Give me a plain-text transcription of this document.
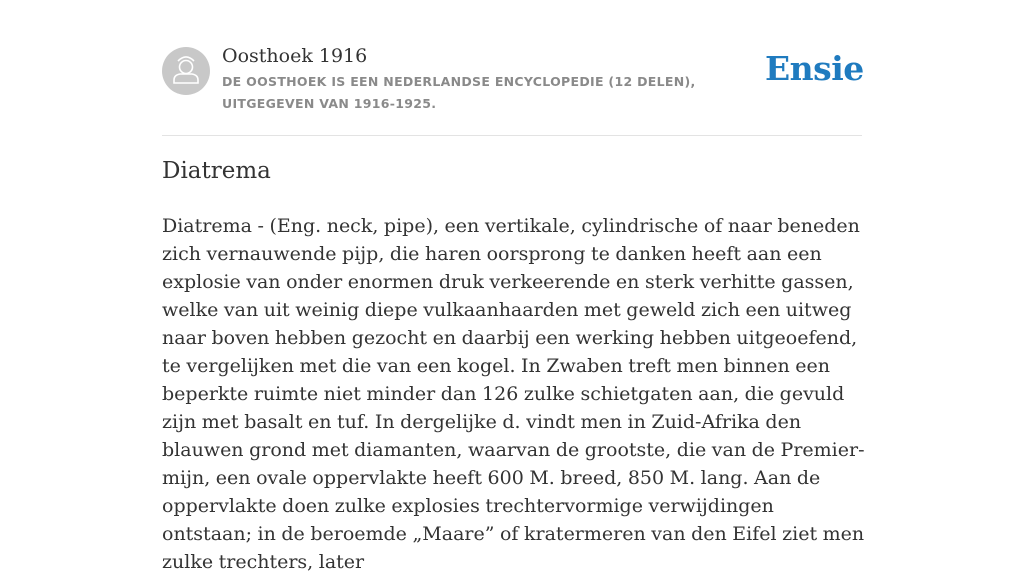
Oosthoek 1916
DE OOSTHOEK IS EEN NEDERLANDSE ENCYCLOPEDIE (12 DELEN), UITGEGEVEN VAN 1916-1925.
Ensie
Diatrema

Diatrema - (Eng. neck, pipe), een vertikale, cylindrische of naar beneden zich vernauwende pijp, die haren oorsprong te danken heeft aan een explosie van onder enormen druk verkeerende en sterk verhitte gassen, welke van uit weinig diepe vulkaanhaarden met geweld zich een uitweg naar boven hebben gezocht en daarbij een werking hebben uitgeoefend, te vergelijken met die van een kogel. In Zwaben treft men binnen een beperkte ruimte niet minder dan 126 zulke schietgaten aan, die gevuld zijn met basalt en tuf. In dergelijke d. vindt men in Zuid-Afrika den blauwen grond met diamanten, waarvan de grootste, die van de Premier-mijn, een ovale oppervlakte heeft 600 M. breed, 850 M. lang. Aan de oppervlakte doen zulke explosies trechtervormige verwijdingen ontstaan; in de beroemde „Maare” of kratermeren van den Eifel ziet men zulke trechters, later
